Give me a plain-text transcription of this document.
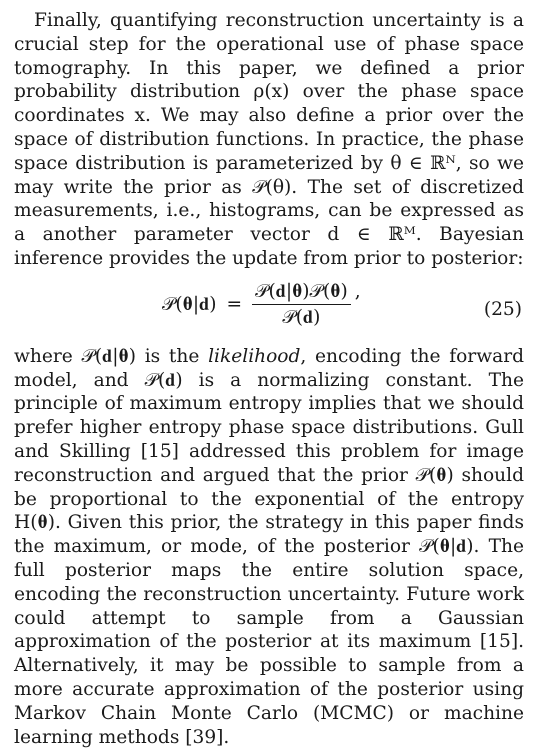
Finally, quantifying reconstruction uncertainty is a crucial step for the operational use of phase space tomography. In this paper, we defined a prior probability distribution ρ(x) over the phase space coordinates x. We may also define a prior over the space of distribution functions. In practice, the phase space distribution is parameterized by θ ∈ ℝᴺ, so we may write the prior as 𝒫(θ). The set of discretized measurements, i.e., histograms, can be expressed as a another parameter vector d ∈ ℝᴹ. Bayesian inference provides the update from prior to posterior:

𝒫(𝛉|𝐝) = $\frac{\text{𝒫(𝐝|𝛉)𝒫(𝛉)}}{\text{𝒫(𝐝)}}$ ,
(25)

where 𝒫(𝐝|𝛉) is the likelihood, encoding the forward model, and 𝒫(𝐝) is a normalizing constant. The principle of maximum entropy implies that we should prefer higher entropy phase space distributions. Gull and Skilling [15] addressed this problem for image reconstruction and argued that the prior 𝒫(𝛉) should be proportional to the exponential of the entropy H(𝛉). Given this prior, the strategy in this paper finds the maximum, or mode, of the posterior 𝒫(𝛉|𝐝). The full posterior maps the entire solution space, encoding the reconstruction uncertainty. Future work could attempt to sample from a Gaussian approximation of the posterior at its maximum [15]. Alternatively, it may be possible to sample from a more accurate approximation of the posterior using Markov Chain Monte Carlo (MCMC) or machine learning methods [39].
